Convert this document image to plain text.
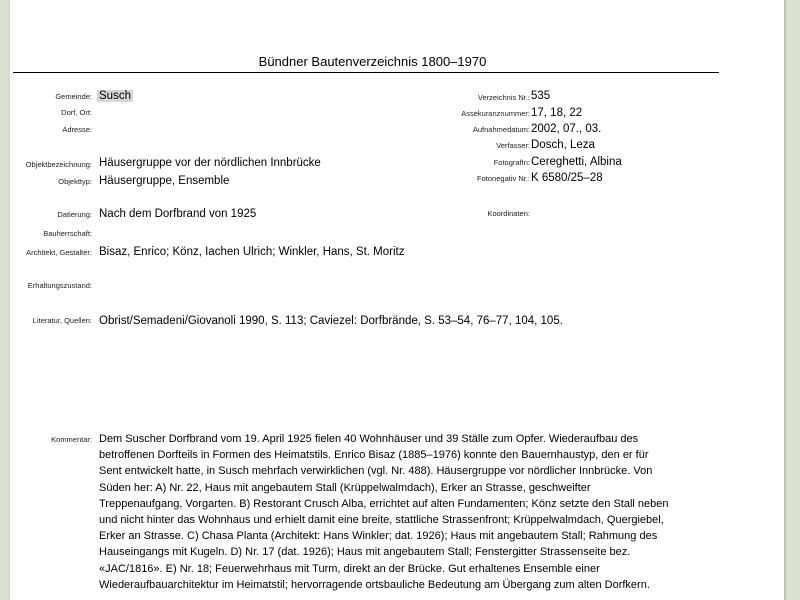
Bündner Bautenverzeichnis 1800–1970
Gemeinde:
Dorf, Ort:
Adresse:
Objektbezeichnung:
Objekttyp:
Datierung:
Bauherrschaft:
Architekt, Gestalter:
Erhaltungszustand:
Literatur, Quellen:
Kommentar:
Susch
Häusergruppe vor der nördlichen Innbrücke
Häusergruppe, Ensemble
Nach dem Dorfbrand von 1925
Bisaz, Enrico; Könz, Iachen Ulrich; Winkler, Hans, St. Moritz
Obrist/Semadeni/Giovanoli 1990, S. 113; Caviezel: Dorfbrände, S. 53–54, 76–77, 104, 105.
Verzeichnis Nr.:
Assekuranznummer:
Aufnahmedatum:
Verfasser:
FotografIn:
Fotonegativ Nr.:
Koordinaten:
535
17, 18, 22
2002, 07., 03.
Dosch, Leza
Cereghetti, Albina
K 6580/25–28
Dem Suscher Dorfbrand vom 19. April 1925 fielen 40 Wohnhäuser und 39 Ställe zum Opfer. Wiederaufbau des
betroffenen Dorfteils in Formen des Heimatstils. Enrico Bisaz (1885–1976) konnte den Bauernhaustyp, den er für
Sent entwickelt hatte, in Susch mehrfach verwirklichen (vgl. Nr. 488). Häusergruppe vor nördlicher Innbrücke. Von
Süden her: A) Nr. 22, Haus mit angebautem Stall (Krüppelwalmdach), Erker an Strasse, geschweifter
Treppenaufgang, Vorgarten. B) Restorant Crusch Alba, errichtet auf alten Fundamenten; Könz setzte den Stall neben
und nicht hinter das Wohnhaus und erhielt damit eine breite, stattliche Strassenfront; Krüppelwalmdach, Quergiebel,
Erker an Strasse. C) Chasa Planta (Architekt: Hans Winkler; dat. 1926); Haus mit angebautem Stall; Rahmung des
Hauseingangs mit Kugeln. D) Nr. 17 (dat. 1926); Haus mit angebautem Stall; Fenstergitter Strassenseite bez.
«JAC/1816». E) Nr. 18; Feuerwehrhaus mit Turm, direkt an der Brücke. Gut erhaltenes Ensemble einer
Wiederaufbauarchitektur im Heimatstil; hervorragende ortsbauliche Bedeutung am Übergang zum alten Dorfkern.
